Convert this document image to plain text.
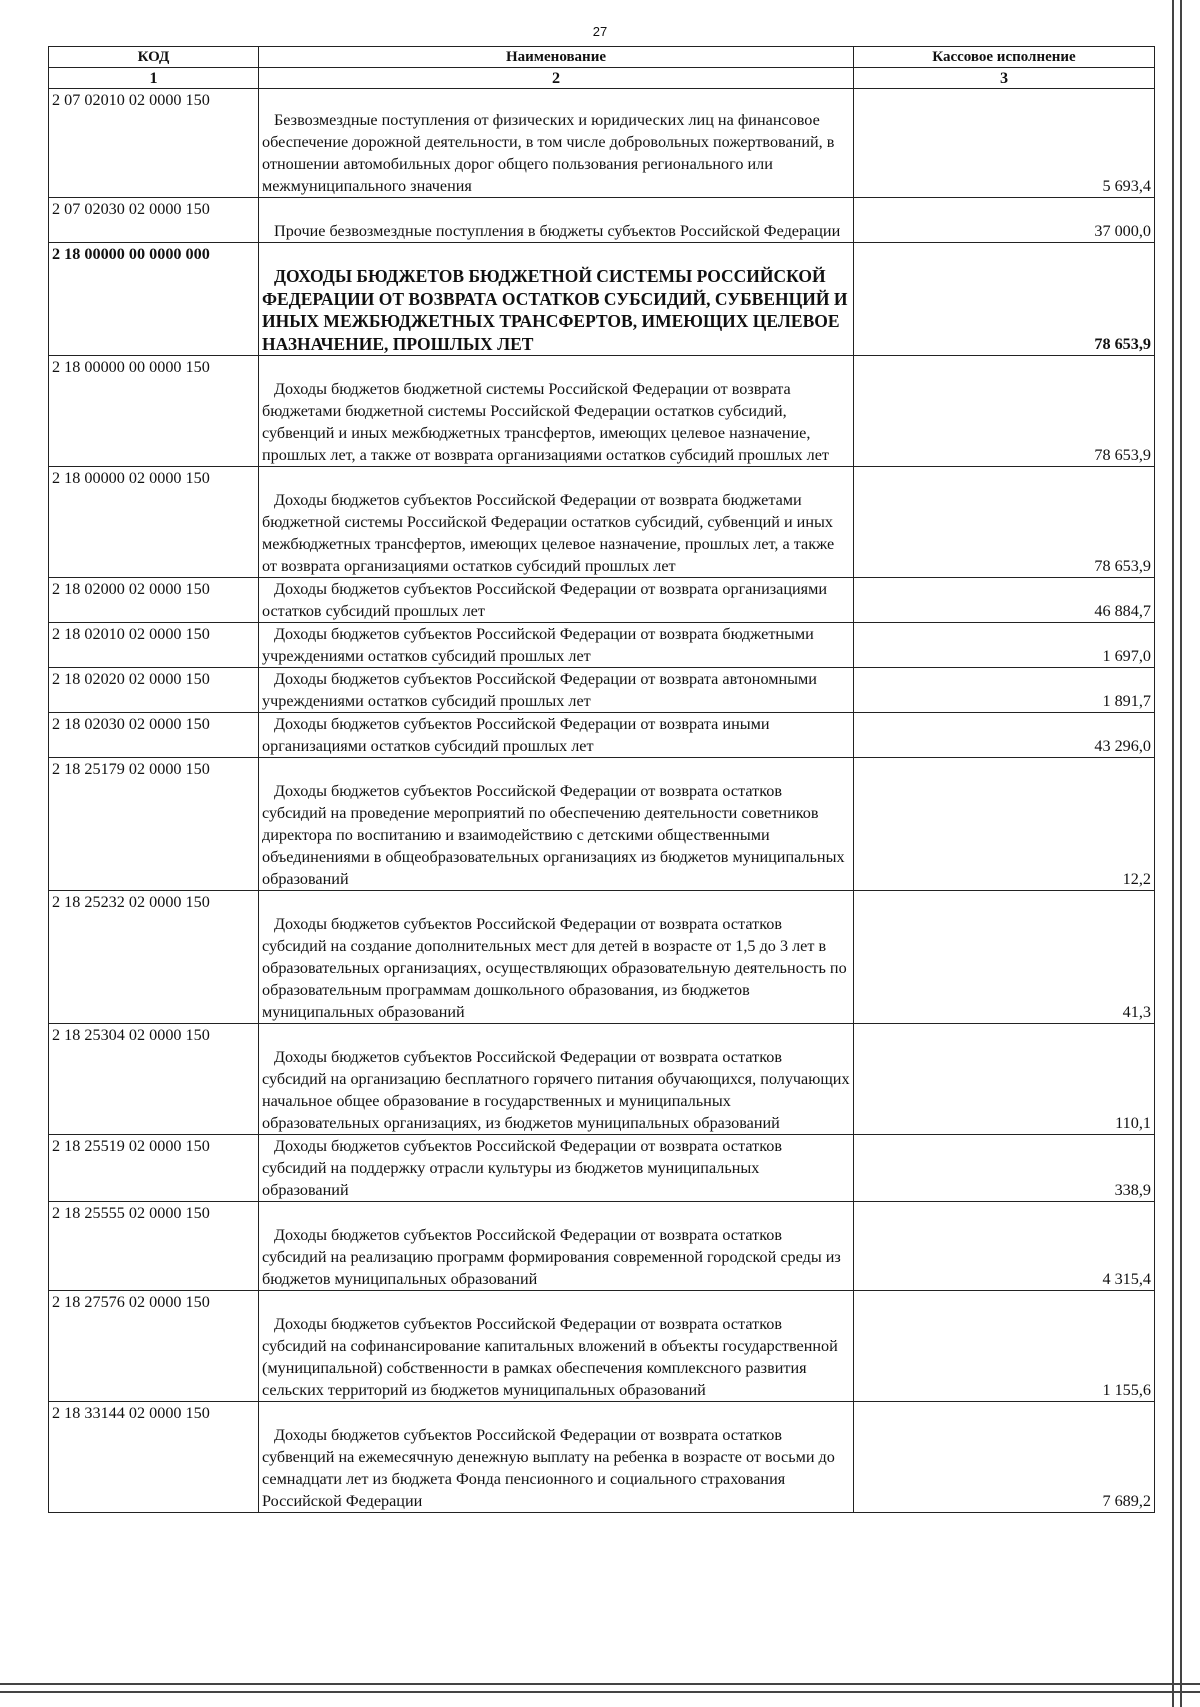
27
КОД	Наименование	Кассовое исполнение
1	2	3
2 07 02010 02 0000 150	Безвозмездные поступления от физических и юридических лиц на финансовое обеспечение дорожной деятельности, в том числе добровольных пожертвований, в отношении автомобильных дорог общего пользования регионального или межмуниципального значения	5 693,4
2 07 02030 02 0000 150	Прочие безвозмездные поступления в бюджеты субъектов Российской Федерации	37 000,0
2 18 00000 00 0000 000	ДОХОДЫ БЮДЖЕТОВ БЮДЖЕТНОЙ СИСТЕМЫ РОССИЙСКОЙ ФЕДЕРАЦИИ ОТ ВОЗВРАТА ОСТАТКОВ СУБСИДИЙ, СУБВЕНЦИЙ И ИНЫХ МЕЖБЮДЖЕТНЫХ ТРАНСФЕРТОВ, ИМЕЮЩИХ ЦЕЛЕВОЕ НАЗНАЧЕНИЕ, ПРОШЛЫХ ЛЕТ	78 653,9
2 18 00000 00 0000 150	Доходы бюджетов бюджетной системы Российской Федерации от возврата бюджетами бюджетной системы Российской Федерации остатков субсидий, субвенций и иных межбюджетных трансфертов, имеющих целевое назначение, прошлых лет, а также от возврата организациями остатков субсидий прошлых лет	78 653,9
2 18 00000 02 0000 150	Доходы бюджетов субъектов Российской Федерации от возврата бюджетами бюджетной системы Российской Федерации остатков субсидий, субвенций и иных межбюджетных трансфертов, имеющих целевое назначение, прошлых лет, а также от возврата организациями остатков субсидий прошлых лет	78 653,9
2 18 02000 02 0000 150	Доходы бюджетов субъектов Российской Федерации от возврата организациями остатков субсидий прошлых лет	46 884,7
2 18 02010 02 0000 150	Доходы бюджетов субъектов Российской Федерации от возврата бюджетными учреждениями остатков субсидий прошлых лет	1 697,0
2 18 02020 02 0000 150	Доходы бюджетов субъектов Российской Федерации от возврата автономными учреждениями остатков субсидий прошлых лет	1 891,7
2 18 02030 02 0000 150	Доходы бюджетов субъектов Российской Федерации от возврата иными организациями остатков субсидий прошлых лет	43 296,0
2 18 25179 02 0000 150	Доходы бюджетов субъектов Российской Федерации от возврата остатков субсидий на проведение мероприятий по обеспечению деятельности советников директора по воспитанию и взаимодействию с детскими общественными объединениями в общеобразовательных организациях из бюджетов муниципальных образований	12,2
2 18 25232 02 0000 150	Доходы бюджетов субъектов Российской Федерации от возврата остатков субсидий на создание дополнительных мест для детей в возрасте от 1,5 до 3 лет в образовательных организациях, осуществляющих образовательную деятельность по образовательным программам дошкольного образования, из бюджетов муниципальных образований	41,3
2 18 25304 02 0000 150	Доходы бюджетов субъектов Российской Федерации от возврата остатков субсидий на организацию бесплатного горячего питания обучающихся, получающих начальное общее образование в государственных и муниципальных образовательных организациях, из бюджетов муниципальных образований	110,1
2 18 25519 02 0000 150	Доходы бюджетов субъектов Российской Федерации от возврата остатков субсидий на поддержку отрасли культуры из бюджетов муниципальных образований	338,9
2 18 25555 02 0000 150	Доходы бюджетов субъектов Российской Федерации от возврата остатков субсидий на реализацию программ формирования современной городской среды из бюджетов муниципальных образований	4 315,4
2 18 27576 02 0000 150	Доходы бюджетов субъектов Российской Федерации от возврата остатков субсидий на софинансирование капитальных вложений в объекты государственной (муниципальной) собственности в рамках обеспечения комплексного развития сельских территорий из бюджетов муниципальных образований	1 155,6
2 18 33144 02 0000 150	Доходы бюджетов субъектов Российской Федерации от возврата остатков субвенций на ежемесячную денежную выплату на ребенка в возрасте от восьми до семнадцати лет из бюджета Фонда пенсионного и социального страхования Российской Федерации	7 689,2
